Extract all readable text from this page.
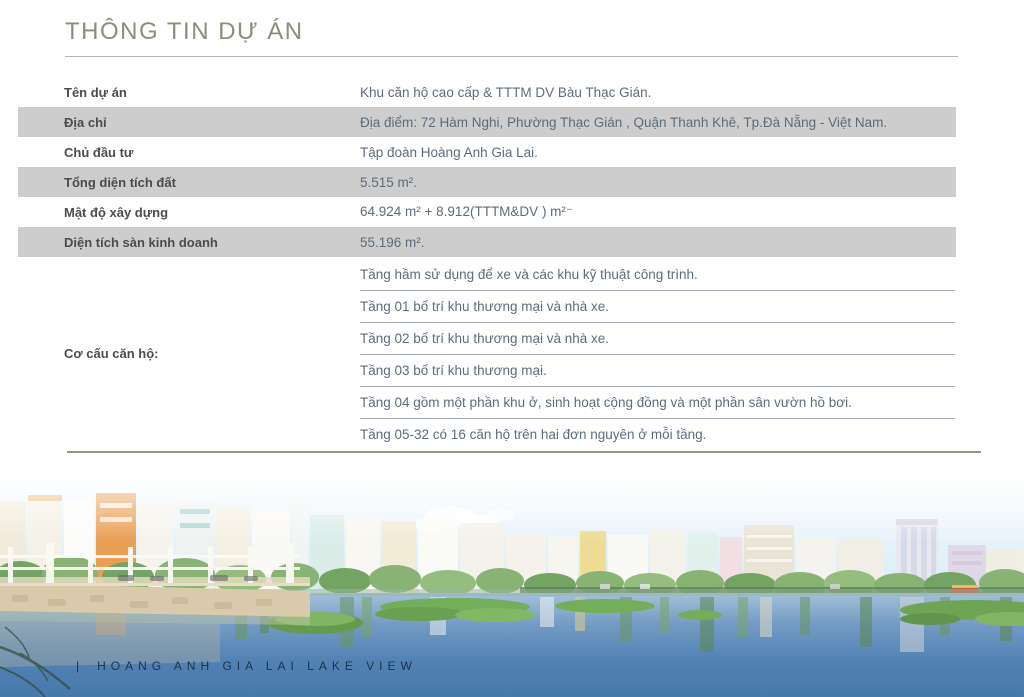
THÔNG TIN DỰ ÁN
Tên dự án	Khu căn hộ cao cấp & TTTM DV Bàu Thạc Gián.
Địa chỉ	Địa điểm: 72 Hàm Nghi, Phường Thạc Gián , Quận Thanh Khê, Tp.Đà Nẵng - Việt Nam.
Chủ đầu tư	Tập đoàn Hoàng Anh Gia Lai.
Tổng diện tích đất	5.515 m².
Mật độ xây dựng	64.924 m² + 8.912(TTTM&DV ) m²⁻
Diện tích sàn kinh doanh	55.196 m².
Cơ cấu căn hộ:
Tầng hầm sử dụng để xe và các khu kỹ thuật công trình.
Tầng 01 bố trí khu thương mại và nhà xe.
Tầng 02 bố trí khu thương mại và nhà xe.
Tầng 03 bố trí khu thương mại.
Tầng 04 gồm một phần khu ở, sinh hoạt cộng đồng và một phần sân vườn hồ bơi.
Tầng 05-32 có 16 căn hộ trên hai đơn nguyên ở mỗi tầng.
| HOANG ANH GIA LAI LAKE VIEW
